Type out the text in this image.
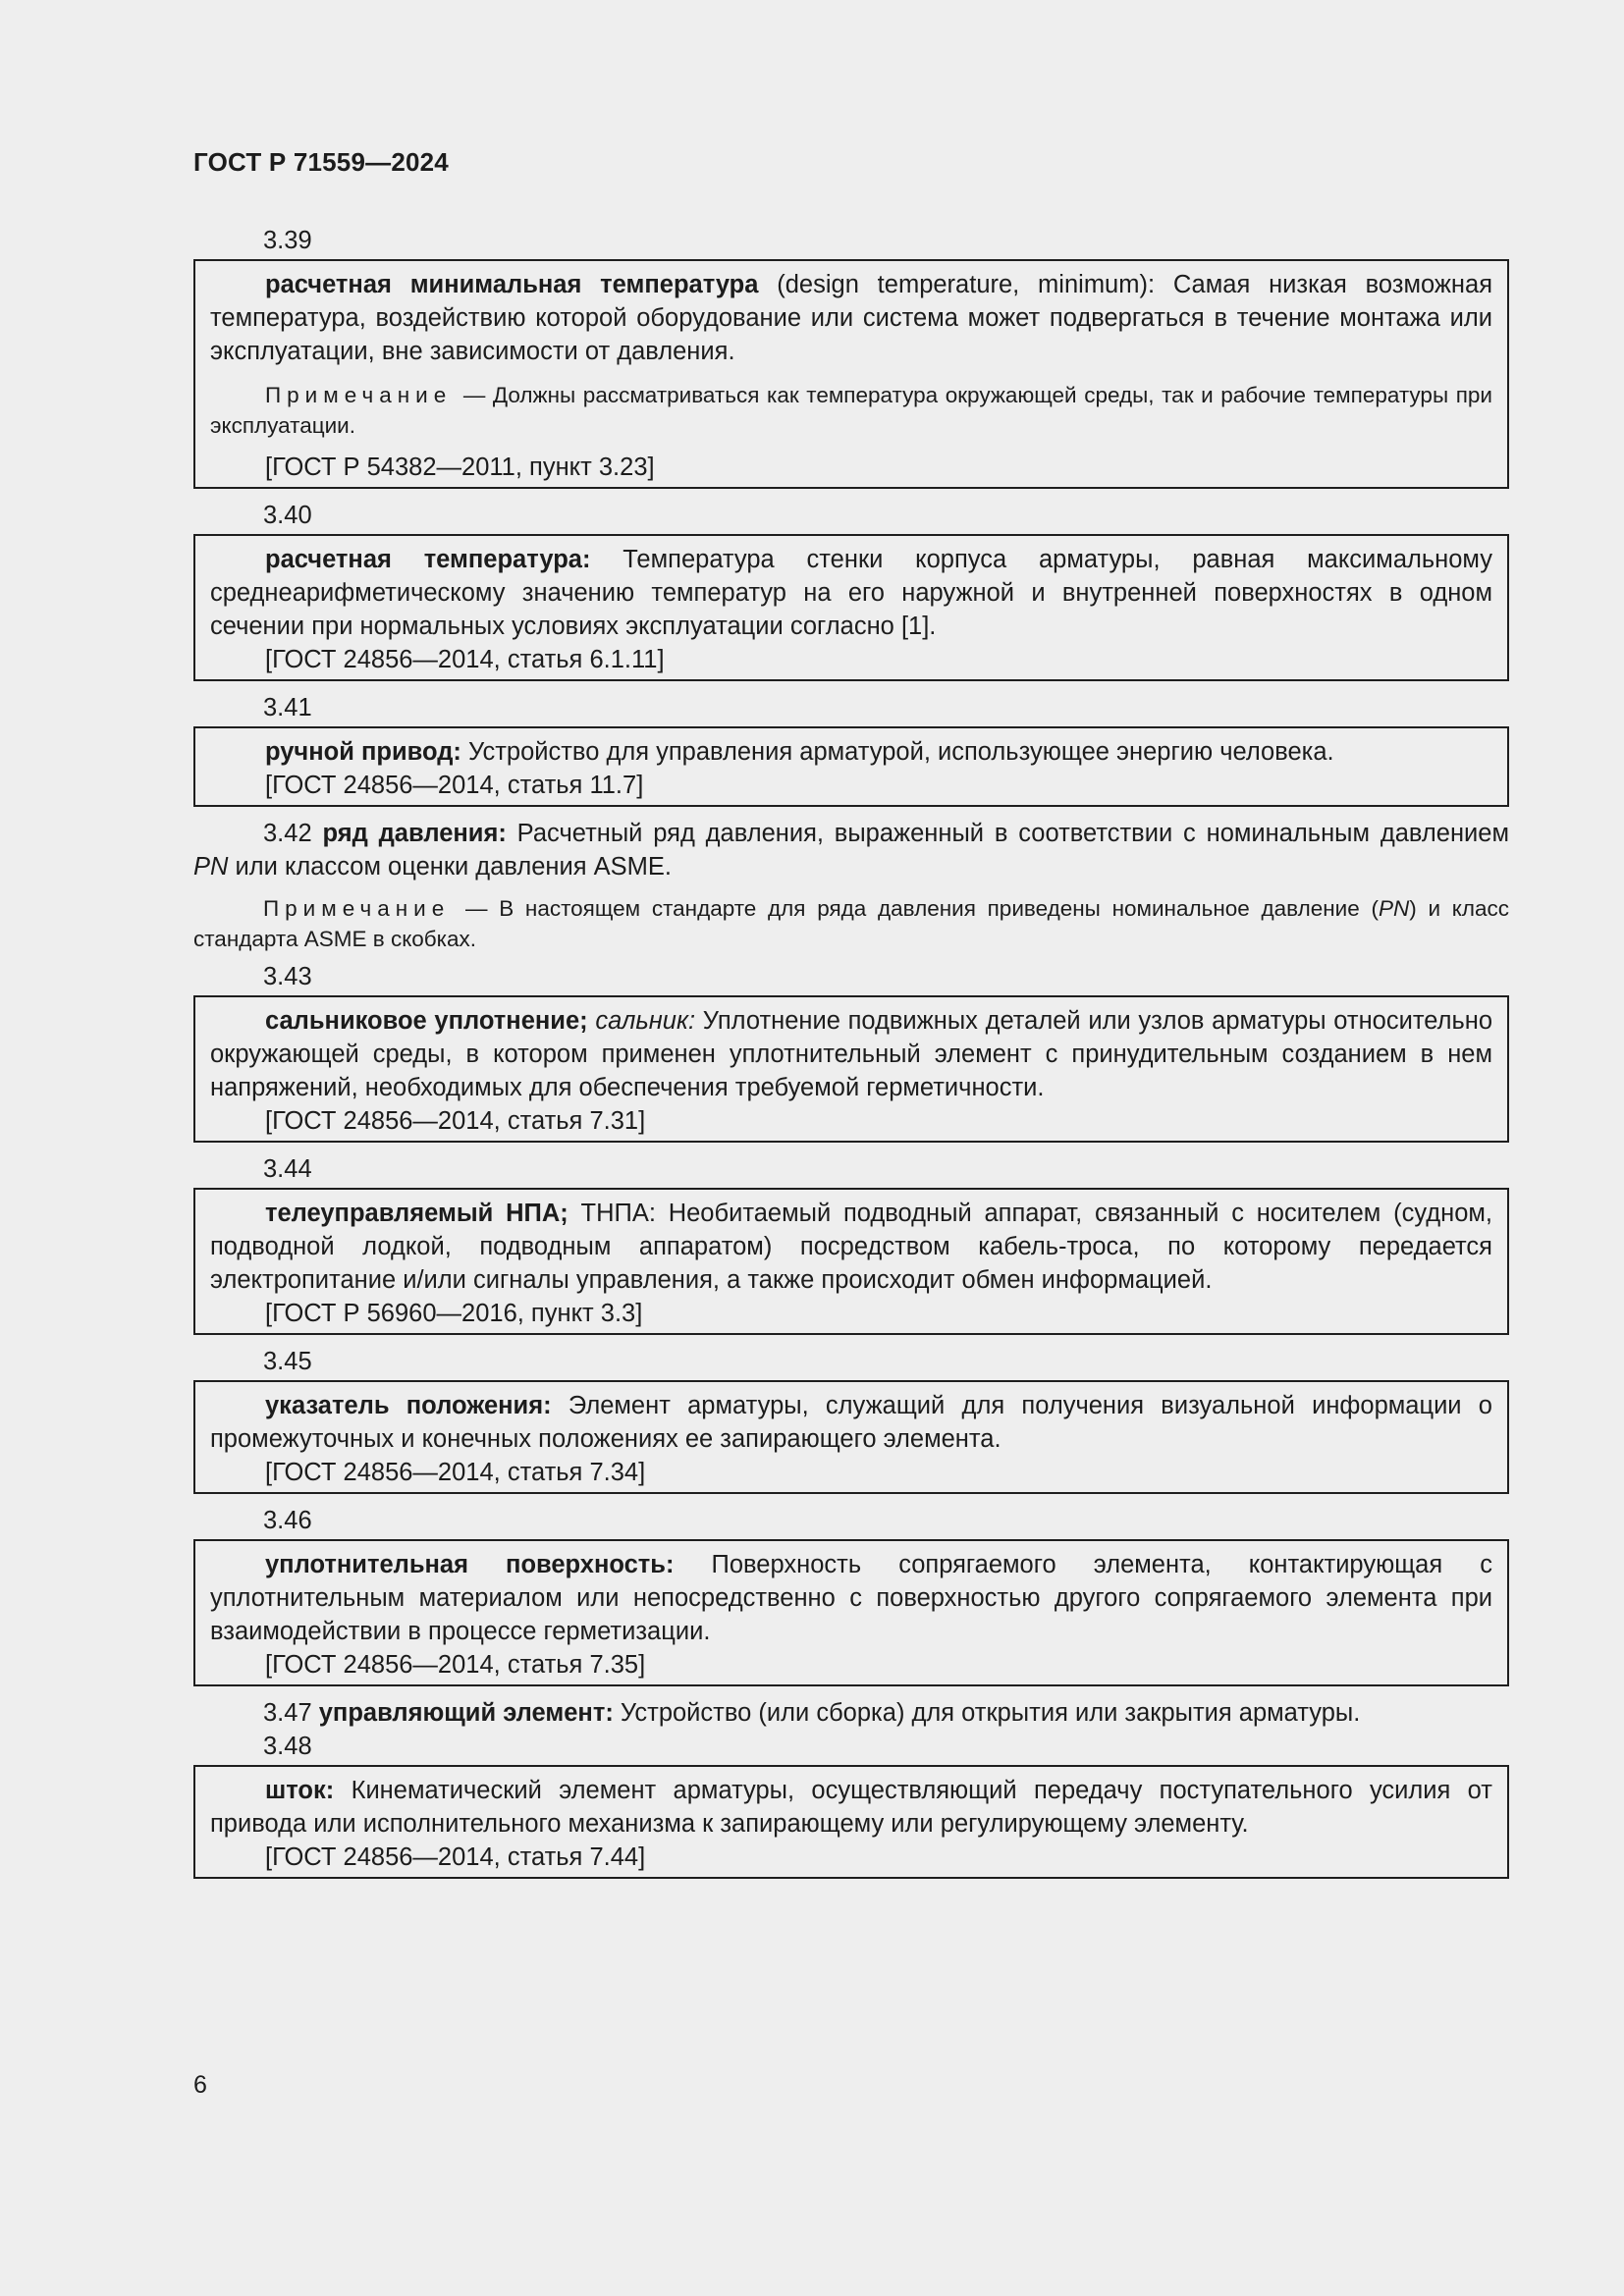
ГОСТ Р 71559—2024
3.39
расчетная минимальная температура (design temperature, minimum): Самая низкая возможная температура, воздействию которой оборудование или система может подвергаться в течение монтажа или эксплуатации, вне зависимости от давления.
Примечание — Должны рассматриваться как температура окружающей среды, так и рабочие температуры при эксплуатации.
[ГОСТ Р 54382—2011, пункт 3.23]
3.40
расчетная температура: Температура стенки корпуса арматуры, равная максимальному среднеарифметическому значению температур на его наружной и внутренней поверхностях в одном сечении при нормальных условиях эксплуатации согласно [1].
[ГОСТ 24856—2014, статья 6.1.11]
3.41
ручной привод: Устройство для управления арматурой, использующее энергию человека.
[ГОСТ 24856—2014, статья 11.7]
3.42 ряд давления: Расчетный ряд давления, выраженный в соответствии с номинальным давлением PN или классом оценки давления ASME.
Примечание — В настоящем стандарте для ряда давления приведены номинальное давление (PN) и класс стандарта ASME в скобках.
3.43
сальниковое уплотнение; сальник: Уплотнение подвижных деталей или узлов арматуры относительно окружающей среды, в котором применен уплотнительный элемент с принудительным созданием в нем напряжений, необходимых для обеспечения требуемой герметичности.
[ГОСТ 24856—2014, статья 7.31]
3.44
телеуправляемый НПА; ТНПА: Необитаемый подводный аппарат, связанный с носителем (судном, подводной лодкой, подводным аппаратом) посредством кабель-троса, по которому передается электропитание и/или сигналы управления, а также происходит обмен информацией.
[ГОСТ Р 56960—2016, пункт 3.3]
3.45
указатель положения: Элемент арматуры, служащий для получения визуальной информации о промежуточных и конечных положениях ее запирающего элемента.
[ГОСТ 24856—2014, статья 7.34]
3.46
уплотнительная поверхность: Поверхность сопрягаемого элемента, контактирующая с уплотнительным материалом или непосредственно с поверхностью другого сопрягаемого элемента при взаимодействии в процессе герметизации.
[ГОСТ 24856—2014, статья 7.35]
3.47 управляющий элемент: Устройство (или сборка) для открытия или закрытия арматуры.
3.48
шток: Кинематический элемент арматуры, осуществляющий передачу поступательного усилия от привода или исполнительного механизма к запирающему или регулирующему элементу.
[ГОСТ 24856—2014, статья 7.44]
6
